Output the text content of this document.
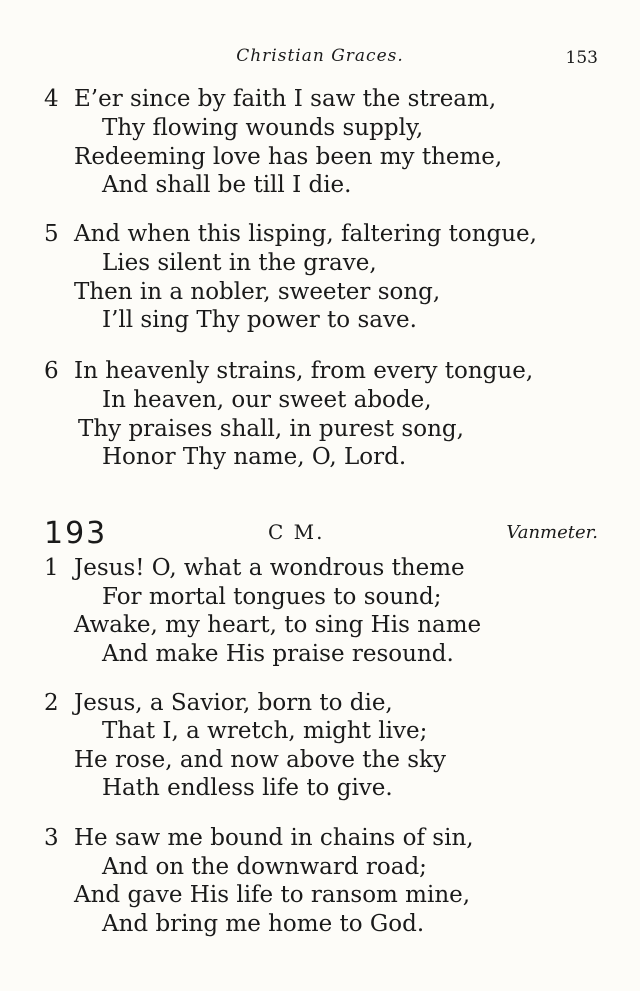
Christian Graces.	153
4 E’er since by faith I saw the stream,
Thy flowing wounds supply,
Redeeming love has been my theme,
And shall be till I die.
5 And when this lisping, faltering tongue,
Lies silent in the grave,
Then in a nobler, sweeter song,
I’ll sing Thy power to save.
6 In heavenly strains, from every tongue,
In heaven, our sweet abode,
Thy praises shall, in purest song,
Honor Thy name, O, Lord.
193	C M.	Vanmeter.
1 Jesus! O, what a wondrous theme
For mortal tongues to sound;
Awake, my heart, to sing His name
And make His praise resound.
2 Jesus, a Savior, born to die,
That I, a wretch, might live;
He rose, and now above the sky
Hath endless life to give.
3 He saw me bound in chains of sin,
And on the downward road;
And gave His life to ransom mine,
And bring me home to God.
